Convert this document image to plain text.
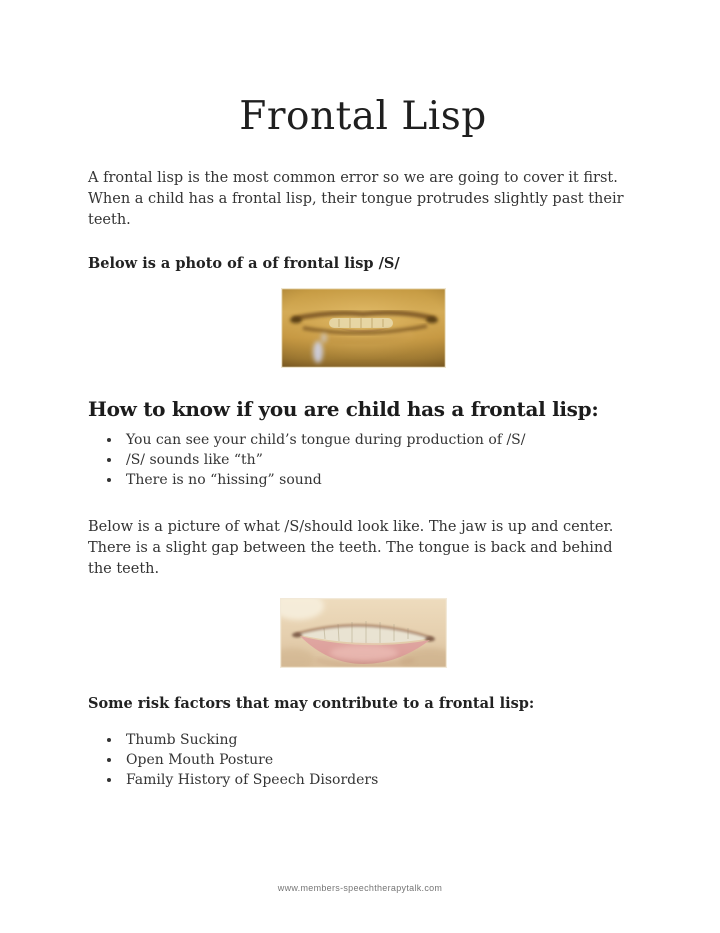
Frontal Lisp

A frontal lisp is the most common error so we are going to cover it first. When a child has a frontal lisp, their tongue protrudes slightly past their teeth.

Below is a photo of a of frontal lisp /S/

How to know if you are child has a frontal lisp:
• You can see your child’s tongue during production of /S/
• /S/ sounds like “th”
• There is no “hissing” sound

Below is a picture of what /S/should look like. The jaw is up and center. There is a slight gap between the teeth. The tongue is back and behind the teeth.

Some risk factors that may contribute to a frontal lisp:
• Thumb Sucking
• Open Mouth Posture
• Family History of Speech Disorders
www.members-speechtherapytalk.com
